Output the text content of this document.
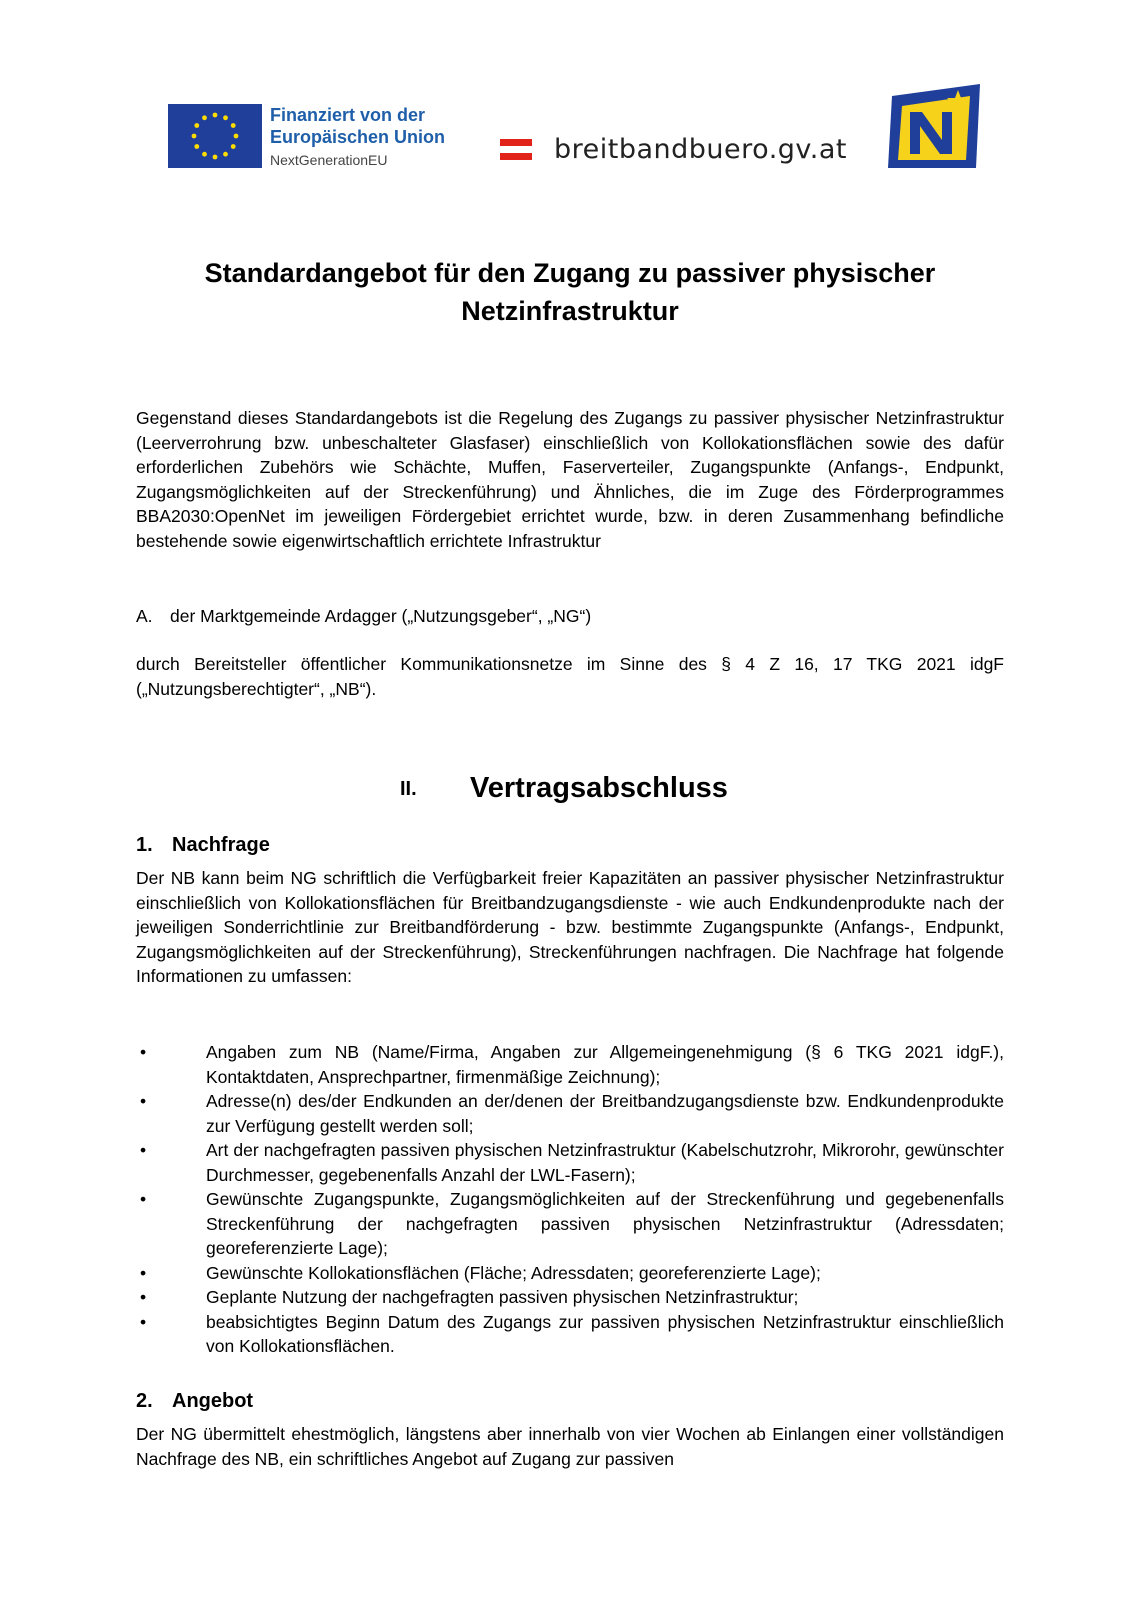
Finanziert von der
Europäischen Union
NextGenerationEU	breitbandbuero.gv.at
Standardangebot für den Zugang zu passiver physischer
Netzinfrastruktur
Gegenstand dieses Standardangebots ist die Regelung des Zugangs zu passiver physischer Netzinfrastruktur (Leerverrohrung bzw. unbeschalteter Glasfaser) einschließlich von Kollokationsflächen sowie des dafür erforderlichen Zubehörs wie Schächte, Muffen, Faserverteiler, Zugangspunkte (Anfangs-, Endpunkt, Zugangsmöglichkeiten auf der Streckenführung) und Ähnliches, die im Zuge des Förderprogrammes BBA2030:OpenNet im jeweiligen Fördergebiet errichtet wurde, bzw. in deren Zusammenhang befindliche bestehende sowie eigenwirtschaftlich errichtete Infrastruktur
A. der Marktgemeinde Ardagger („Nutzungsgeber“, „NG“)
durch Bereitsteller öffentlicher Kommunikationsnetze im Sinne des § 4 Z 16, 17 TKG 2021 idgF („Nutzungsberechtigter“, „NB“).
II. Vertragsabschluss
1. Nachfrage
Der NB kann beim NG schriftlich die Verfügbarkeit freier Kapazitäten an passiver physischer Netzinfrastruktur einschließlich von Kollokationsflächen für Breitbandzugangsdienste - wie auch Endkundenprodukte nach der jeweiligen Sonderrichtlinie zur Breitbandförderung - bzw. bestimmte Zugangspunkte (Anfangs-, Endpunkt, Zugangsmöglichkeiten auf der Streckenführung), Streckenführungen nachfragen. Die Nachfrage hat folgende Informationen zu umfassen:
•	Angaben zum NB (Name/Firma, Angaben zur Allgemeingenehmigung (§ 6 TKG 2021 idgF.), Kontaktdaten, Ansprechpartner, firmenmäßige Zeichnung);
•	Adresse(n) des/der Endkunden an der/denen der Breitbandzugangsdienste bzw. Endkundenprodukte zur Verfügung gestellt werden soll;
•	Art der nachgefragten passiven physischen Netzinfrastruktur (Kabelschutzrohr, Mikrorohr, gewünschter Durchmesser, gegebenenfalls Anzahl der LWL-Fasern);
•	Gewünschte Zugangspunkte, Zugangsmöglichkeiten auf der Streckenführung und gegebenenfalls Streckenführung der nachgefragten passiven physischen Netzinfrastruktur (Adressdaten; georeferenzierte Lage);
•	Gewünschte Kollokationsflächen (Fläche; Adressdaten; georeferenzierte Lage);
•	Geplante Nutzung der nachgefragten passiven physischen Netzinfrastruktur;
•	beabsichtigtes Beginn Datum des Zugangs zur passiven physischen Netzinfrastruktur einschließlich von Kollokationsflächen.
2. Angebot
Der NG übermittelt ehestmöglich, längstens aber innerhalb von vier Wochen ab Einlangen einer vollständigen Nachfrage des NB, ein schriftliches Angebot auf Zugang zur passiven
